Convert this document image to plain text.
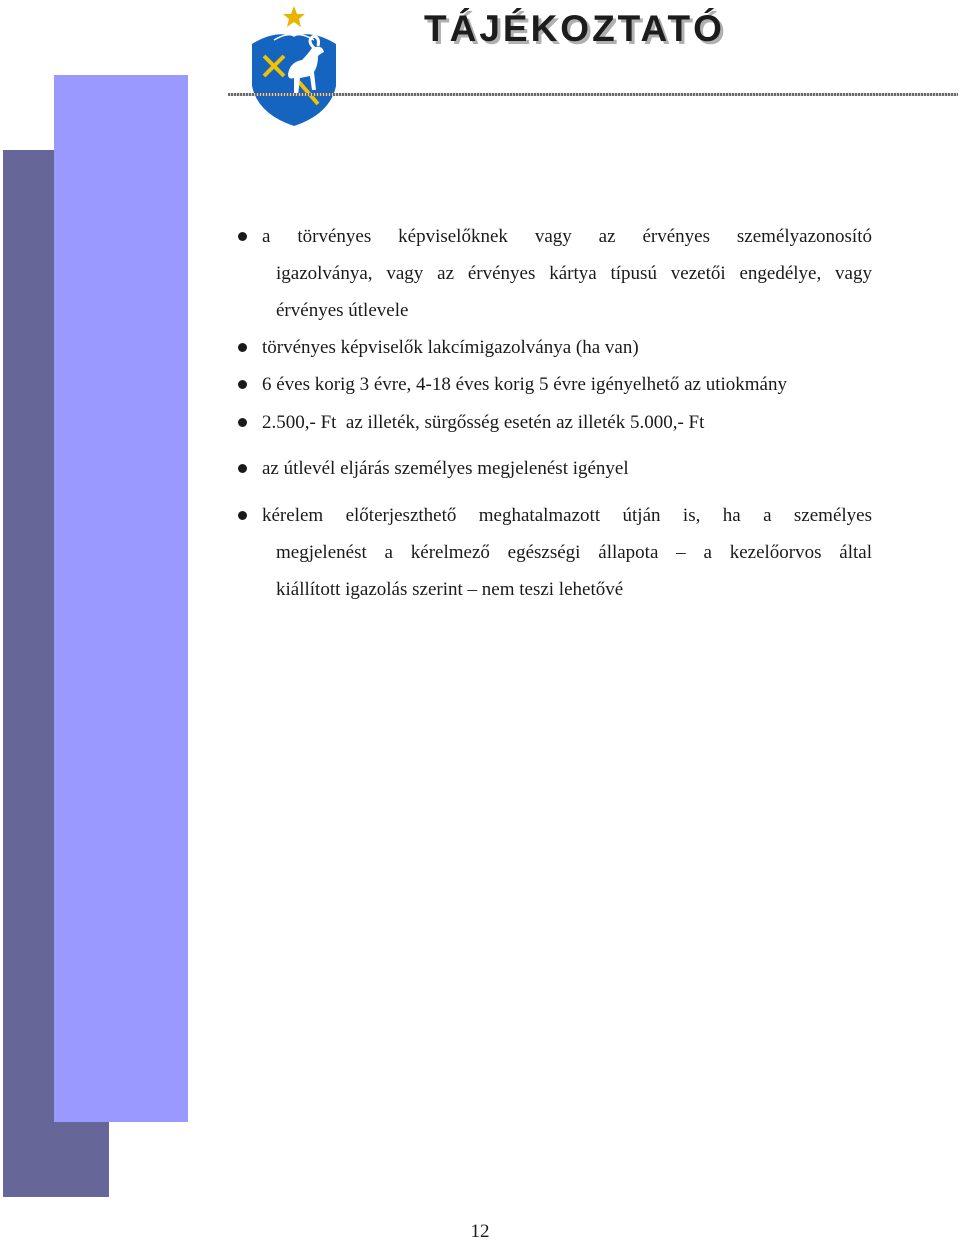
TÁJÉKOZTATÓ
a törvényes képviselőknek vagy az érvényes személyazonosító
igazolványa, vagy az érvényes kártya típusú vezetői engedélye, vagy
érvényes útlevele
törvényes képviselők lakcímigazolványa (ha van)
6 éves korig 3 évre, 4-18 éves korig 5 évre igényelhető az utiokmány
2.500,- Ft  az illeték, sürgősség esetén az illeték 5.000,- Ft
az útlevél eljárás személyes megjelenést igényel
kérelem előterjeszthető meghatalmazott útján is, ha a személyes
megjelenést a kérelmező egészségi állapota – a kezelőorvos által
kiállított igazolás szerint – nem teszi lehetővé
12
